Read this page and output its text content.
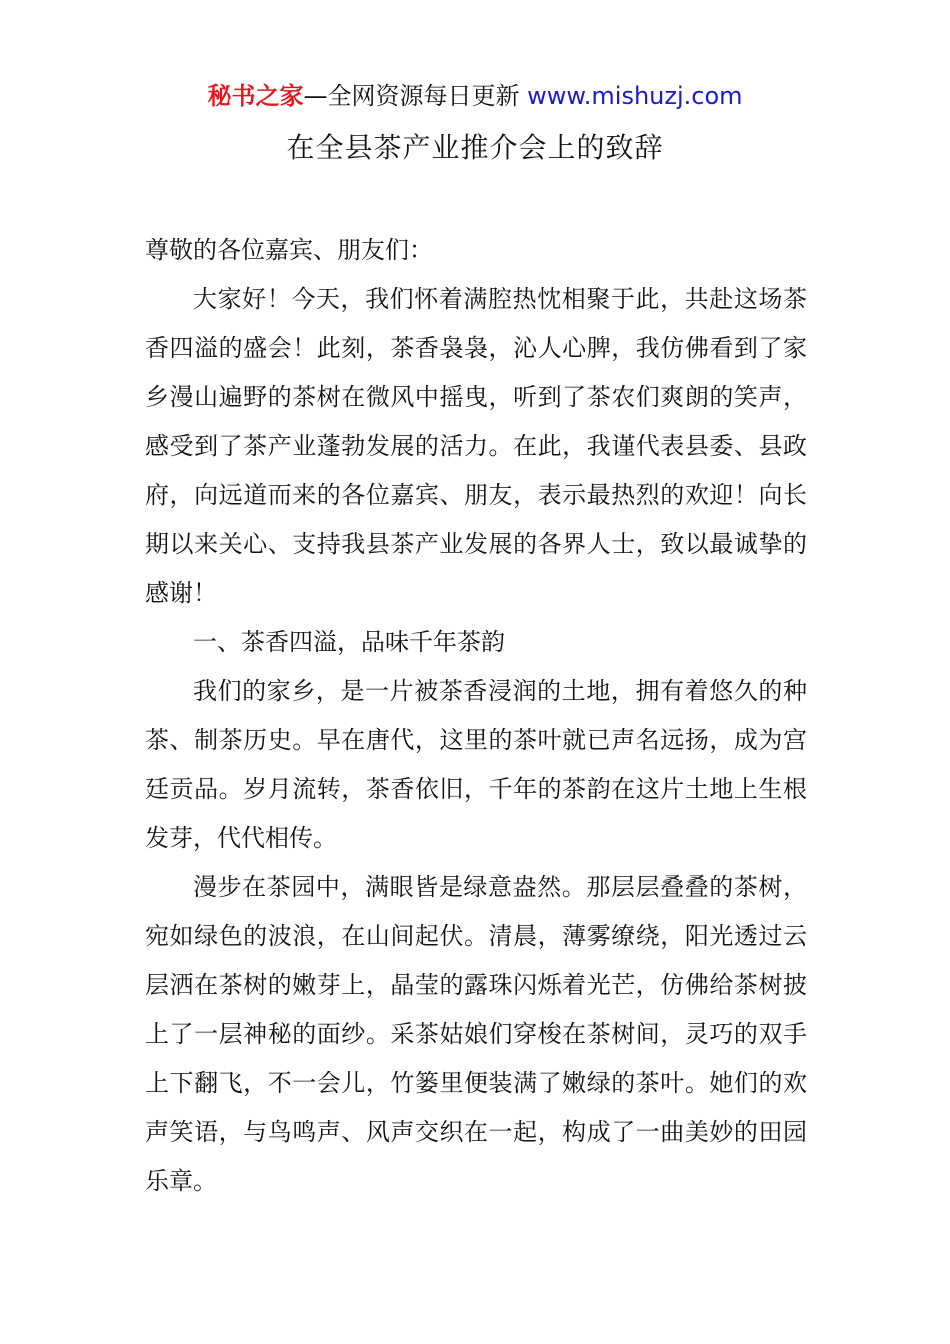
秘书之家—全网资源每日更新 www.mishuzj.com
在全县茶产业推介会上的致辞

尊敬的各位嘉宾、朋友们：

大家好！今天，我们怀着满腔热忱相聚于此，共赴这场茶香四溢的盛会！此刻，茶香袅袅，沁人心脾，我仿佛看到了家乡漫山遍野的茶树在微风中摇曳，听到了茶农们爽朗的笑声，感受到了茶产业蓬勃发展的活力。在此，我谨代表县委、县政府，向远道而来的各位嘉宾、朋友，表示最热烈的欢迎！向长期以来关心、支持我县茶产业发展的各界人士，致以最诚挚的感谢！

一、茶香四溢，品味千年茶韵

我们的家乡，是一片被茶香浸润的土地，拥有着悠久的种茶、制茶历史。早在唐代，这里的茶叶就已声名远扬，成为宫廷贡品。岁月流转，茶香依旧，千年的茶韵在这片土地上生根发芽，代代相传。

漫步在茶园中，满眼皆是绿意盎然。那层层叠叠的茶树，宛如绿色的波浪，在山间起伏。清晨，薄雾缭绕，阳光透过云层洒在茶树的嫩芽上，晶莹的露珠闪烁着光芒，仿佛给茶树披上了一层神秘的面纱。采茶姑娘们穿梭在茶树间，灵巧的双手上下翻飞，不一会儿，竹篓里便装满了嫩绿的茶叶。她们的欢声笑语，与鸟鸣声、风声交织在一起，构成了一曲美妙的田园乐章。
